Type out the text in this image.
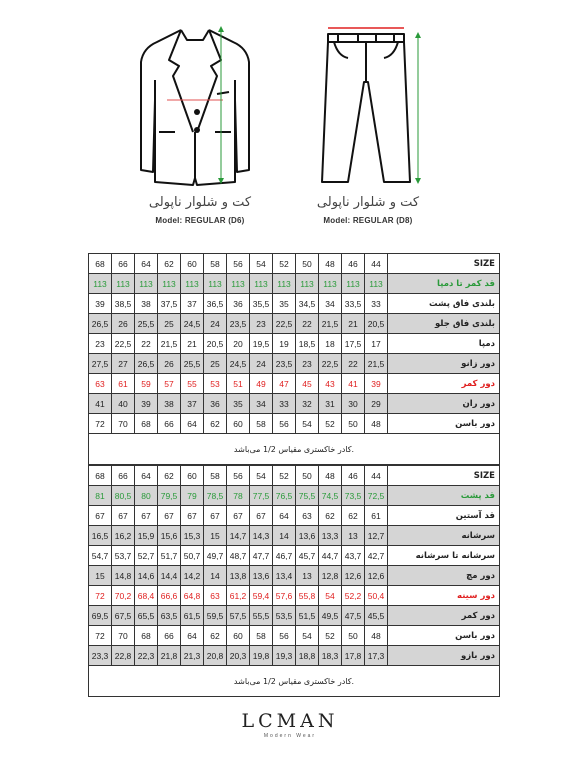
کت و شلوار ناپولی
Model: REGULAR (D6)
کت و شلوار ناپولی
Model: REGULAR (D8)
68	66	64	62	60	58	56	54	52	50	48	46	44	SIZE
113	113	113	113	113	113	113	113	113	113	113	113	113	قد کمر تا دمپا
39	38,5	38	37,5	37	36,5	36	35,5	35	34,5	34	33,5	33	بلندی فاق پشت
26,5	26	25,5	25	24,5	24	23,5	23	22,5	22	21,5	21	20,5	بلندی فاق جلو
23	22,5	22	21,5	21	20,5	20	19,5	19	18,5	18	17,5	17	دمپا
27,5	27	26,5	26	25,5	25	24,5	24	23,5	23	22,5	22	21,5	دور زانو
63	61	59	57	55	53	51	49	47	45	43	41	39	دور کمر
41	40	39	38	37	36	35	34	33	32	31	30	29	دور ران
72	70	68	66	64	62	60	58	56	54	52	50	48	دور باسن
کادر خاکستری مقیاس 1/2 می‌باشد.													
68	66	64	62	60	58	56	54	52	50	48	46	44	SIZE
81	80,5	80	79,5	79	78,5	78	77,5	76,5	75,5	74,5	73,5	72,5	قد پشت
67	67	67	67	67	67	67	67	64	63	62	62	61	قد آستین
16,5	16,2	15,9	15,6	15,3	15	14,7	14,3	14	13,6	13,3	13	12,7	سرشانه
54,7	53,7	52,7	51,7	50,7	49,7	48,7	47,7	46,7	45,7	44,7	43,7	42,7	سرشانه تا سرشانه
15	14,8	14,6	14,4	14,2	14	13,8	13,6	13,4	13	12,8	12,6	12,6	دور مچ
72	70,2	68,4	66,6	64,8	63	61,2	59,4	57,6	55,8	54	52,2	50,4	دور سینه
69,5	67,5	65,5	63,5	61,5	59,5	57,5	55,5	53,5	51,5	49,5	47,5	45,5	دور کمر
72	70	68	66	64	62	60	58	56	54	52	50	48	دور باسن
23,3	22,8	22,3	21,8	21,3	20,8	20,3	19,8	19,3	18,8	18,3	17,8	17,3	دور بازو
کادر خاکستری مقیاس 1/2 می‌باشد.													
LCMAN
Modern Wear
